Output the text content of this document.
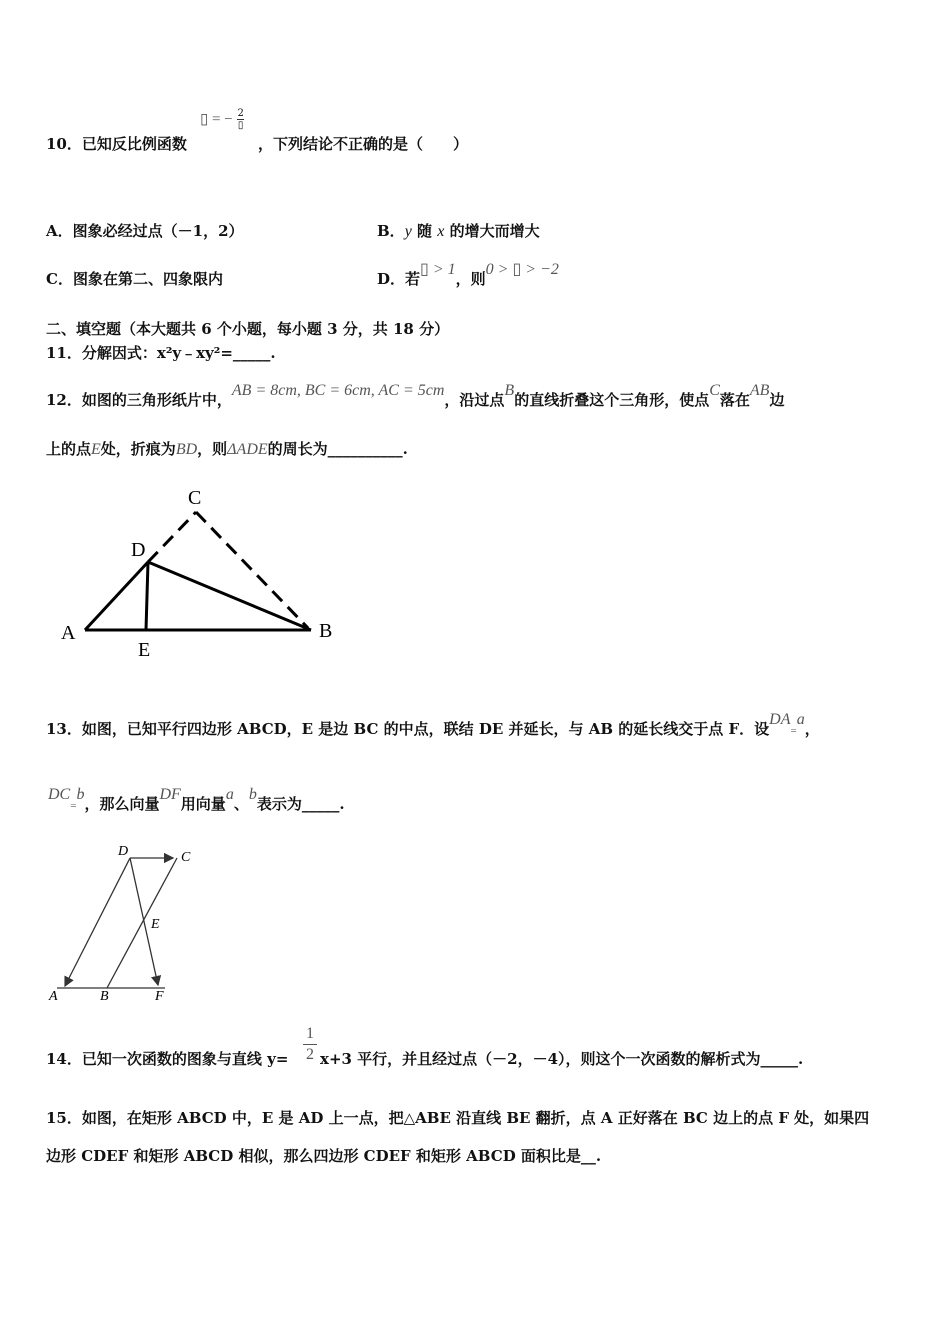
10．已知反比例函数
▯ = − $\frac{2}{▯}$
，下列结论不正确的是（　　）
A．图象必经过点（－1，2）	B．y 随 x 的增大而增大
C．图象在第二、四象限内	D．若▯ > 1，则0 > ▯ > −2
二、填空题（本大题共 6 个小题，每小题 3 分，共 18 分）
11．分解因式：x²y﹣xy²=_____.
12．如图的三角形纸片中，AB = 8cm, BC = 6cm, AC = 5cm，沿过点B的直线折叠这个三角形，使点C落在AB边
上的点E处，折痕为BD，则ΔADE的周长为__________.
C
D
A
E
B
13．如图，已知平行四边形 ABCD，E 是边 BC 的中点，联结 DE 并延长，与 AB 的延长线交于点 F．设DA=a，
DC=b，那么向量DF用向量a、b表示为_____.
D	C
E
A	B	F
14．已知一次函数的图象与直线 $y= \frac{1}{2} x+3$ 平行，并且经过点（－2，－4），则这个一次函数的解析式为_____.
15．如图，在矩形 ABCD 中，E 是 AD 上一点，把△ABE 沿直线 BE 翻折，点 A 正好落在 BC 边上的点 F 处，如果四
边形 CDEF 和矩形 ABCD 相似，那么四边形 CDEF 和矩形 ABCD 面积比是__.
